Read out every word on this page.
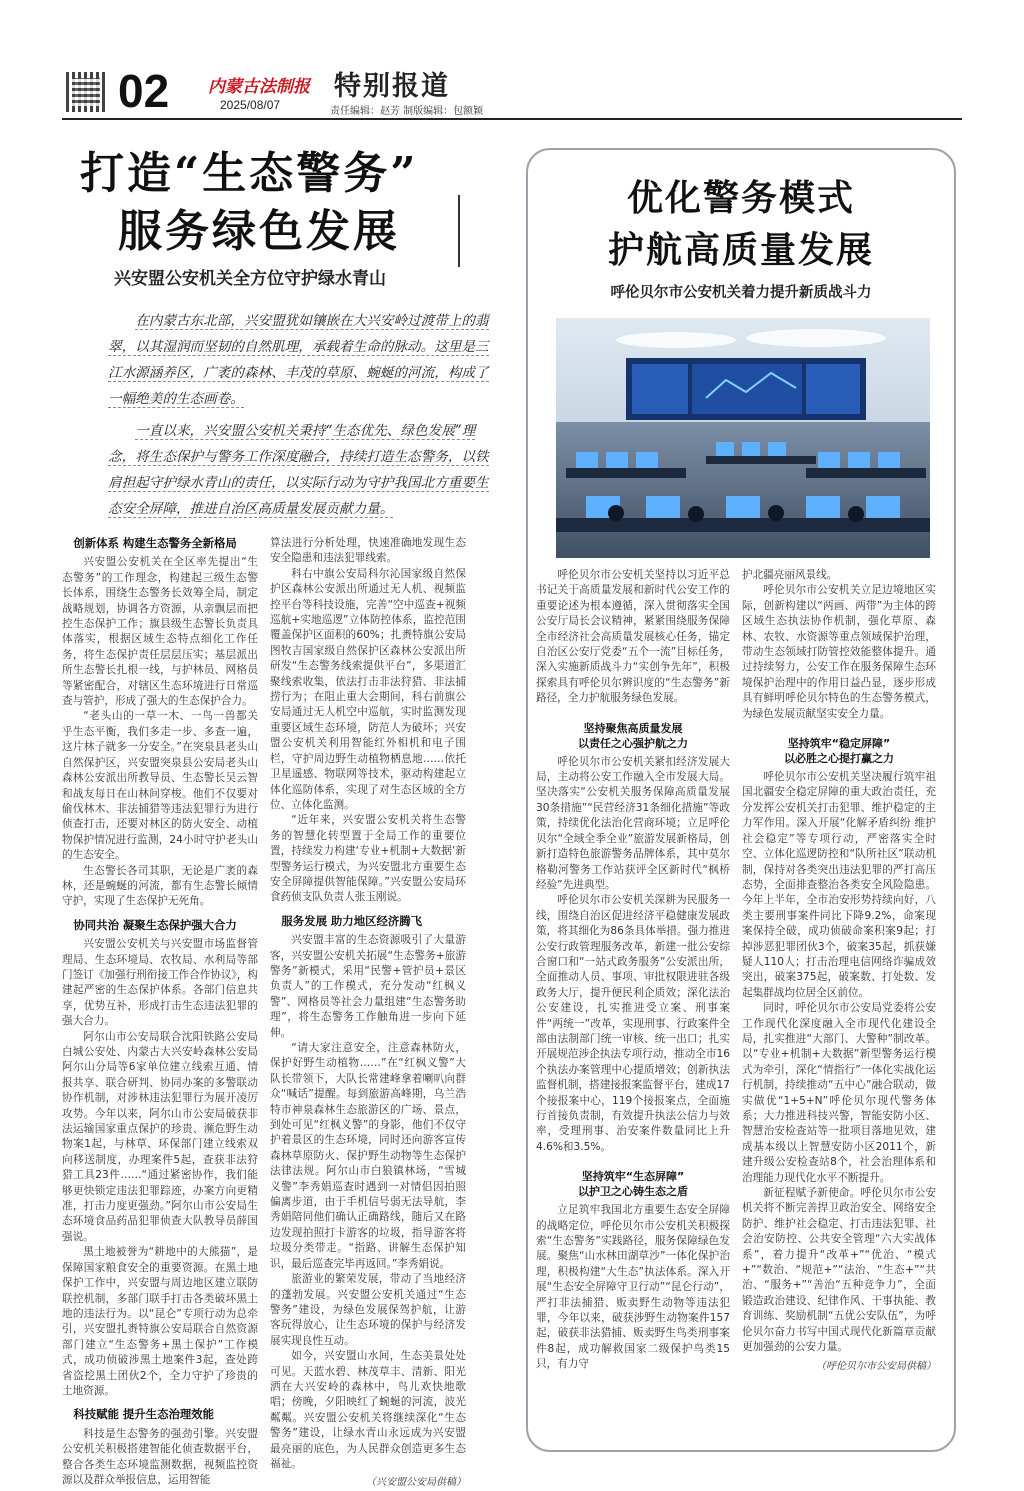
02 内蒙古法制报
2025/08/07
特别报道
责任编辑：赵芳 制版编辑：包额颖
打造“生态警务”
服务绿色发展
兴安盟公安机关全方位守护绿水青山

在内蒙古东北部，兴安盟犹如镶嵌在大兴安岭过渡带上的翡翠，以其湿润而坚韧的自然肌理，承载着生命的脉动。这里是三江水源涵养区，广袤的森林、丰茂的草原、蜿蜒的河流，构成了一幅绝美的生态画卷。

一直以来，兴安盟公安机关秉持“生态优先、绿色发展”理念，将生态保护与警务工作深度融合，持续打造生态警务，以铁肩担起守护绿水青山的责任，以实际行动为守护我国北方重要生态安全屏障，推进自治区高质量发展贡献力量。

创新体系 构建生态警务全新格局

兴安盟公安机关在全区率先提出“生态警务”的工作理念，构建起三级生态警长体系，围绕生态警务长效筹全局，制定战略规划，协调各方资源，从亲飘层而把控生态保护工作；旗县级生态警长负责具体落实，根据区域生态特点细化工作任务，将生态保护责任层层压实；基层派出所生态警长扎根一线，与护林员、网格员等紧密配合，对辖区生态环境进行日常巡查与管护，形成了强大的生态保护合力。

“老头山的一草一木、一鸟一兽都关乎生态平衡，我们多走一步、多查一遍，这片林子就多一分安全。”在突泉县老头山自然保护区，兴安盟突泉县公安局老头山森林公安派出所教导员、生态警长吴云智和战友每日在山林间穿梭。他们不仅要对偷伐林木、非法捕猎等违法犯罪行为进行侦查打击，还要对林区的防火安全、动植物保护情况进行监测，24小时守护老头山的生态安全。

生态警长各司其职，无论是广袤的森林，还是蜿蜒的河流，都有生态警长倾情守护，实现了生态保护无死角。

协同共治 凝聚生态保护强大合力

兴安盟公安机关与兴安盟市场监督管理局、生态环境局、农牧局、水利局等部门签订《加强行刑衔接工作合作协议》，构建起严密的生态保护体系。各部门信息共享，优势互补，形成打击生态违法犯罪的强大合力。

阿尔山市公安局联合沈阳铁路公安局白城公安处、内蒙古大兴安岭森林公安局阿尔山分局等6家单位建立线索互通、情报共享、联合研判、协同办案的多警联动协作机制，对涉林违法犯罪行为展开凌厉攻势。今年以来，阿尔山市公安局破获非法运输国家重点保护的珍贵、濒危野生动物案1起，与林草、环保部门建立线索双向移送制度，办理案件5起，查获非法狩猎工具23件……“通过紧密协作，我们能够更快锁定违法犯罪踪迹，办案方向更精准，打击力度更强劲。”阿尔山市公安局生态环境食品药品犯罪侦查大队教导员薛国强说。

黑土地被誉为“耕地中的大熊猫”，是保障国家粮食安全的重要资源。在黑土地保护工作中，兴安盟与周边地区建立联防联控机制，多部门联手打击各类破坏黑土地的违法行为。以“昆仑”专项行动为总牵引，兴安盟扎赉特旗公安局联合自然资源部门建立“生态警务+黑土保护”工作模式，成功侦破涉黑土地案件3起，查处跨省盗挖黑土团伙2个，全力守护了珍贵的土地资源。

科技赋能 提升生态治理效能

科技是生态警务的强劲引擎。兴安盟公安机关积极搭建智能化侦查数据平台，整合各类生态环境监测数据，视频监控资源以及群众举报信息，运用智能

算法进行分析处理，快速准确地发现生态安全隐患和违法犯罪线索。

科右中旗公安局科尔沁国家级自然保护区森林公安派出所通过无人机、视频监控平台等科技设施，完善“空中巡查+视频巡航+实地巡逻”立体防控体系，监控范围覆盖保护区面积的60%；扎赉特旗公安局图牧吉国家级自然保护区森林公安派出所研发“生态警务线索提供平台”，多渠道汇聚线索收集，依法打击非法狩猎、非法捕捞行为；在阻止重大会期间，科右前旗公安局通过无人机空中巡航，实时监测发现重要区域生态环境，防范人为破坏；兴安盟公安机关利用智能红外相机和电子围栏，守护周边野生动植物栖息地……依托卫星遥感、物联网等技术，驱动构建起立体化巡防体系，实现了对生态区域的全方位、立体化监测。

“近年来，兴安盟公安机关将生态警务的智慧化转型置于全局工作的重要位置，持续发力构建‘专业+机制+大数据’新型警务运行模式，为兴安盟北方重要生态安全屏障提供智能保障。”兴安盟公安局环食药侦支队负责人张玉刚说。

服务发展 助力地区经济腾飞

兴安盟丰富的生态资源吸引了大量游客，兴安盟公安机关拓展“生态警务+旅游警务”新模式，采用“民警+管护员+景区负责人”的工作模式，充分发动“红枫义警”、网格员等社会力量组建“生态警务助理”，将生态警务工作触角进一步向下延伸。

“请大家注意安全，注意森林防火，保护好野生动植物……”在“红枫义警”大队长带领下，大队长常建峰拿着喇叭向群众“喊话”提醒。每到旅游高峰期，乌兰浩特市神泉森林生态旅游区的广场、景点，到处可见“红枫义警”的身影，他们不仅守护着景区的生态环境，同时还向游客宣传森林草原防火、保护野生动物等生态保护法律法规。阿尔山市白狼镇林场，“雪城义警”李秀娟巡查时遇到一对情侣因拍照偏离步道，由于手机信号弱无法导航，李秀娟陪同他们确认正确路线，随后又在路边发现拍照打卡游客的垃圾，指导游客将垃圾分类带走。“指路、讲解生态保护知识，最后巡查完毕再返回。”李秀娟说。

旅游业的繁荣发展，带动了当地经济的蓬勃发展。兴安盟公安机关通过“生态警务”建设，为绿色发展保驾护航，让游客玩得放心，让生态环境的保护与经济发展实现良性互动。

如今，兴安盟山水间，生态美景处处可见。天蓝水碧、林茂草丰、清新、阳光洒在大兴安岭的森林中，鸟儿欢快地歌唱；傍晚，夕阳映红了蜿蜒的河流，波光粼粼。兴安盟公安机关将继续深化“生态警务”建设，让绿水青山永远成为兴安盟最亮丽的底色，为人民群众创造更多生态福祉。

（兴安盟公安局供稿）

优化警务模式
护航高质量发展
呼伦贝尔市公安机关着力提升新质战斗力

呼伦贝尔市公安机关坚持以习近平总书记关于高质量发展和新时代公安工作的重要论述为根本遵循，深入贯彻落实全国公安厅局长会议精神，紧紧围绕服务保障全市经济社会高质量发展核心任务，锚定自治区公安厅党委“五个一流”目标任务，深入实施新质战斗力“实创争先年”，积极探索具有呼伦贝尔辨识度的“生态警务”新路径，全力护航服务绿色发展。

坚持聚焦高质量发展
以责任之心强护航之力

呼伦贝尔市公安机关紧扣经济发展大局，主动将公安工作融入全市发展大局。坚决落实“公安机关服务保障高质量发展30条措施”“民营经济31条细化措施”等政策，持续优化法治化营商环境；立足呼伦贝尔“全域全季全业”旅游发展新格局，创新打造特色旅游警务品牌体系，其中莫尔格勒河警务工作站获评全区新时代“枫桥经验”先进典型。

呼伦贝尔市公安机关深耕为民服务一线，围绕自治区促进经济平稳健康发展政策，将其细化为86条具体举措。强力推进公安行政管理服务改革，新建一批公安综合窗口和“一站式政务服务”公安派出所，全面推动人员、事项、审批权限进驻各级政务大厅，提升便民利企质效；深化法治公安建设，扎实推进受立案、刑事案件“两统一”改革，实现刑事、行政案件全部由法制部门统一审核、统一出口；扎实开展规范涉企执法专项行动，推动全市16个执法办案管理中心提质增效；创新执法监督机制，搭建接报案监督平台，建成17个接报案中心，119个接报案点，全面施行首接负责制，有效提升执法公信力与效率，受理刑事、治安案件数量同比上升4.6%和3.5%。

坚持筑牢“生态屏障”
以护卫之心铸生态之盾

立足筑牢我国北方重要生态安全屏障的战略定位，呼伦贝尔市公安机关积极探索“生态警务”实践路径，服务保障绿色发展。聚焦“山水林田湖草沙”一体化保护治理，积极构建“大生态”执法体系。深入开展“生态安全屏障守卫行动”“昆仑行动”，严打非法捕猎、贩卖野生动物等违法犯罪，今年以来，破获涉野生动物案件157起，破获非法猎捕、贩卖野生鸟类刑事案件8起，成功解救国家二级保护鸟类15只，有力守

护北疆亮丽风景线。

呼伦贝尔市公安机关立足边境地区实际，创新构建以“两画、两带”为主体的跨区域生态执法协作机制，强化草原、森林、农牧、水资源等重点领域保护治理，带动生态领域打防管控效能整体提升。通过持续努力，公安工作在服务保障生态环境保护治理中的作用日益凸显，逐步形成具有鲜明呼伦贝尔特色的生态警务模式，为绿色发展贡献坚实安全力量。

坚持筑牢“稳定屏障”
以必胜之心提打赢之力

呼伦贝尔市公安机关坚决履行筑牢祖国北疆安全稳定屏障的重大政治责任，充分发挥公安机关打击犯罪、维护稳定的主力军作用。深入开展“化解矛盾纠纷 维护社会稳定”等专项行动，严密落实全时空、立体化巡逻防控和“队所社区”联动机制，保持对各类突出违法犯罪的严打高压态势，全面排查整治各类安全风险隐患。今年上半年，全市治安形势持续向好，八类主要刑事案件同比下降9.2%，命案现案保持全破，成功侦破命案积案9起；打掉涉恶犯罪团伙3个，破案35起，抓获嫌疑人110人；打击治理电信网络诈骗成效突出，破案375起，破案数、打处数、发起集群战均位居全区前位。

同时，呼伦贝尔市公安局党委将公安工作现代化深度融入全市现代化建设全局，扎实推进“大部门、大警种”制改革。以“专业+机制+大数据”新型警务运行模式为牵引，深化“情指行”一体化实战化运行机制，持续推动“五中心”融合联动，做实做优“1+5+N”呼伦贝尔现代警务体系；大力推进科技兴警，智能安防小区、智慧治安检查站等一批项目落地见效，建成基本级以上智慧安防小区2011个，新建升级公安检查站8个，社会治理体系和治理能力现代化水平不断提升。

新征程赋予新使命。呼伦贝尔市公安机关将不断完善捍卫政治安全、网络安全防护、维护社会稳定、打击违法犯罪、社会治安防控、公共安全管理“六大实战体系”，着力提升“改革+”“优治、“模式+”“数治、“规范+”“法治、“生态+”“共治、“服务+”“善治“五种竞争力”，全面锻造政治建设、纪律作风、干事执能、教育训练、奖励机制“五优公安队伍”，为呼伦贝尔奋力书写中国式现代化新篇章贡献更加强劲的公安力量。

（呼伦贝尔市公安局供稿）
